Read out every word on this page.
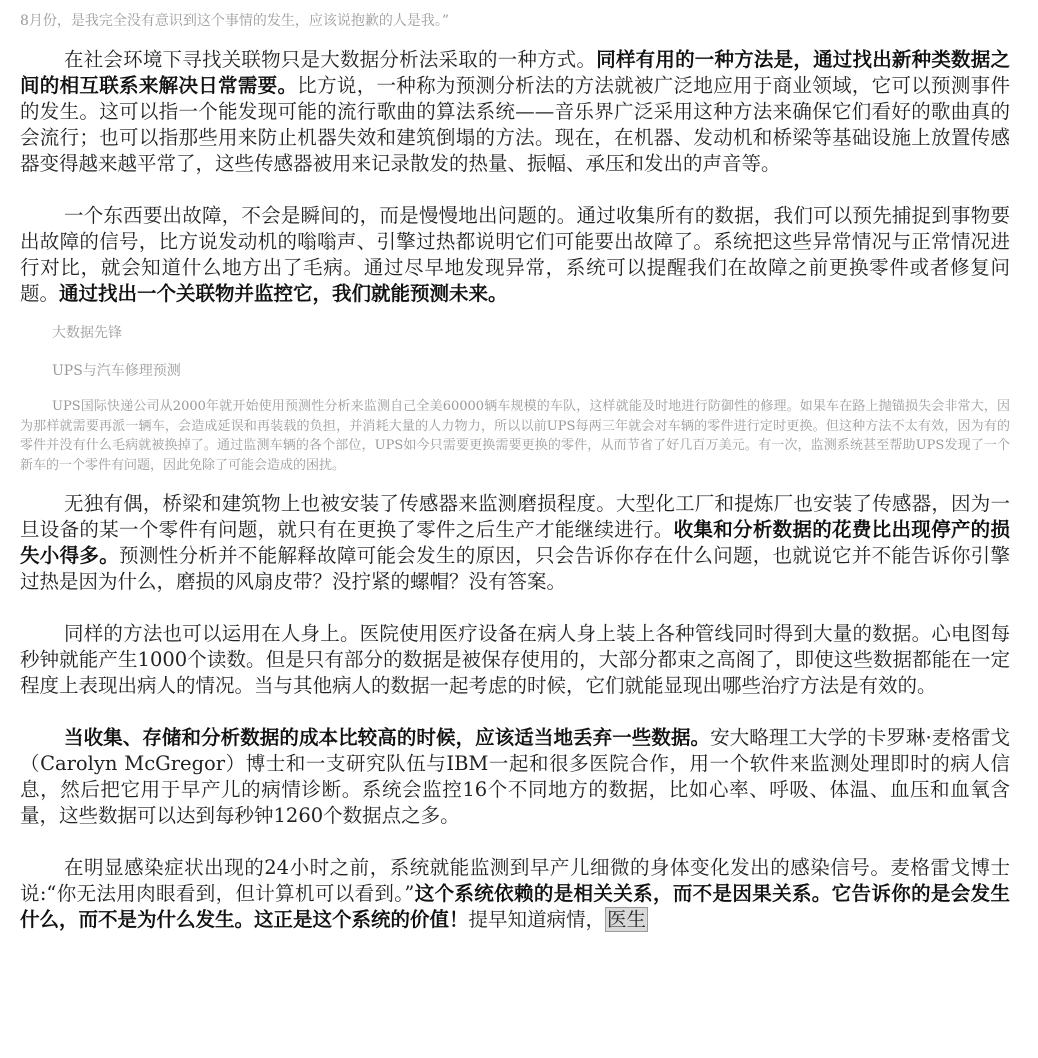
8月份，是我完全没有意识到这个事情的发生，应该说抱歉的人是我。”

在社会环境下寻找关联物只是大数据分析法采取的一种方式。同样有用的一种方法是，通过找出新种类数据之间的相互联系来解决日常需要。比方说，一种称为预测分析法的方法就被广泛地应用于商业领域，它可以预测事件的发生。这可以指一个能发现可能的流行歌曲的算法系统——音乐界广泛采用这种方法来确保它们看好的歌曲真的会流行；也可以指那些用来防止机器失效和建筑倒塌的方法。现在，在机器、发动机和桥梁等基础设施上放置传感器变得越来越平常了，这些传感器被用来记录散发的热量、振幅、承压和发出的声音等。

一个东西要出故障，不会是瞬间的，而是慢慢地出问题的。通过收集所有的数据，我们可以预先捕捉到事物要出故障的信号，比方说发动机的嗡嗡声、引擎过热都说明它们可能要出故障了。系统把这些异常情况与正常情况进行对比，就会知道什么地方出了毛病。通过尽早地发现异常，系统可以提醒我们在故障之前更换零件或者修复问题。通过找出一个关联物并监控它，我们就能预测未来。

大数据先锋

UPS与汽车修理预测

UPS国际快递公司从2000年就开始使用预测性分析来监测自己全美60000辆车规模的车队，这样就能及时地进行防御性的修理。如果车在路上抛锚损失会非常大，因为那样就需要再派一辆车，会造成延误和再装载的负担，并消耗大量的人力物力，所以以前UPS每两三年就会对车辆的零件进行定时更换。但这种方法不太有效，因为有的零件并没有什么毛病就被换掉了。通过监测车辆的各个部位，UPS如今只需要更换需要更换的零件，从而节省了好几百万美元。有一次，监测系统甚至帮助UPS发现了一个新车的一个零件有问题，因此免除了可能会造成的困扰。

无独有偶，桥梁和建筑物上也被安装了传感器来监测磨损程度。大型化工厂和提炼厂也安装了传感器，因为一旦设备的某一个零件有问题，就只有在更换了零件之后生产才能继续进行。收集和分析数据的花费比出现停产的损失小得多。预测性分析并不能解释故障可能会发生的原因，只会告诉你存在什么问题，也就说它并不能告诉你引擎过热是因为什么，磨损的风扇皮带？没拧紧的螺帽？没有答案。

同样的方法也可以运用在人身上。医院使用医疗设备在病人身上装上各种管线同时得到大量的数据。心电图每秒钟就能产生1000个读数。但是只有部分的数据是被保存使用的，大部分都束之高阁了，即使这些数据都能在一定程度上表现出病人的情况。当与其他病人的数据一起考虑的时候，它们就能显现出哪些治疗方法是有效的。

当收集、存储和分析数据的成本比较高的时候，应该适当地丢弃一些数据。安大略理工大学的卡罗琳·麦格雷戈（Carolyn McGregor）博士和一支研究队伍与IBM一起和很多医院合作，用一个软件来监测处理即时的病人信息，然后把它用于早产儿的病情诊断。系统会监控16个不同地方的数据，比如心率、呼吸、体温、血压和血氧含量，这些数据可以达到每秒钟1260个数据点之多。

在明显感染症状出现的24小时之前，系统就能监测到早产儿细微的身体变化发出的感染信号。麦格雷戈博士说:“你无法用肉眼看到，但计算机可以看到。”这个系统依赖的是相关关系，而不是因果关系。它告诉你的是会发生什么，而不是为什么发生。这正是这个系统的价值！提早知道病情， 医生
